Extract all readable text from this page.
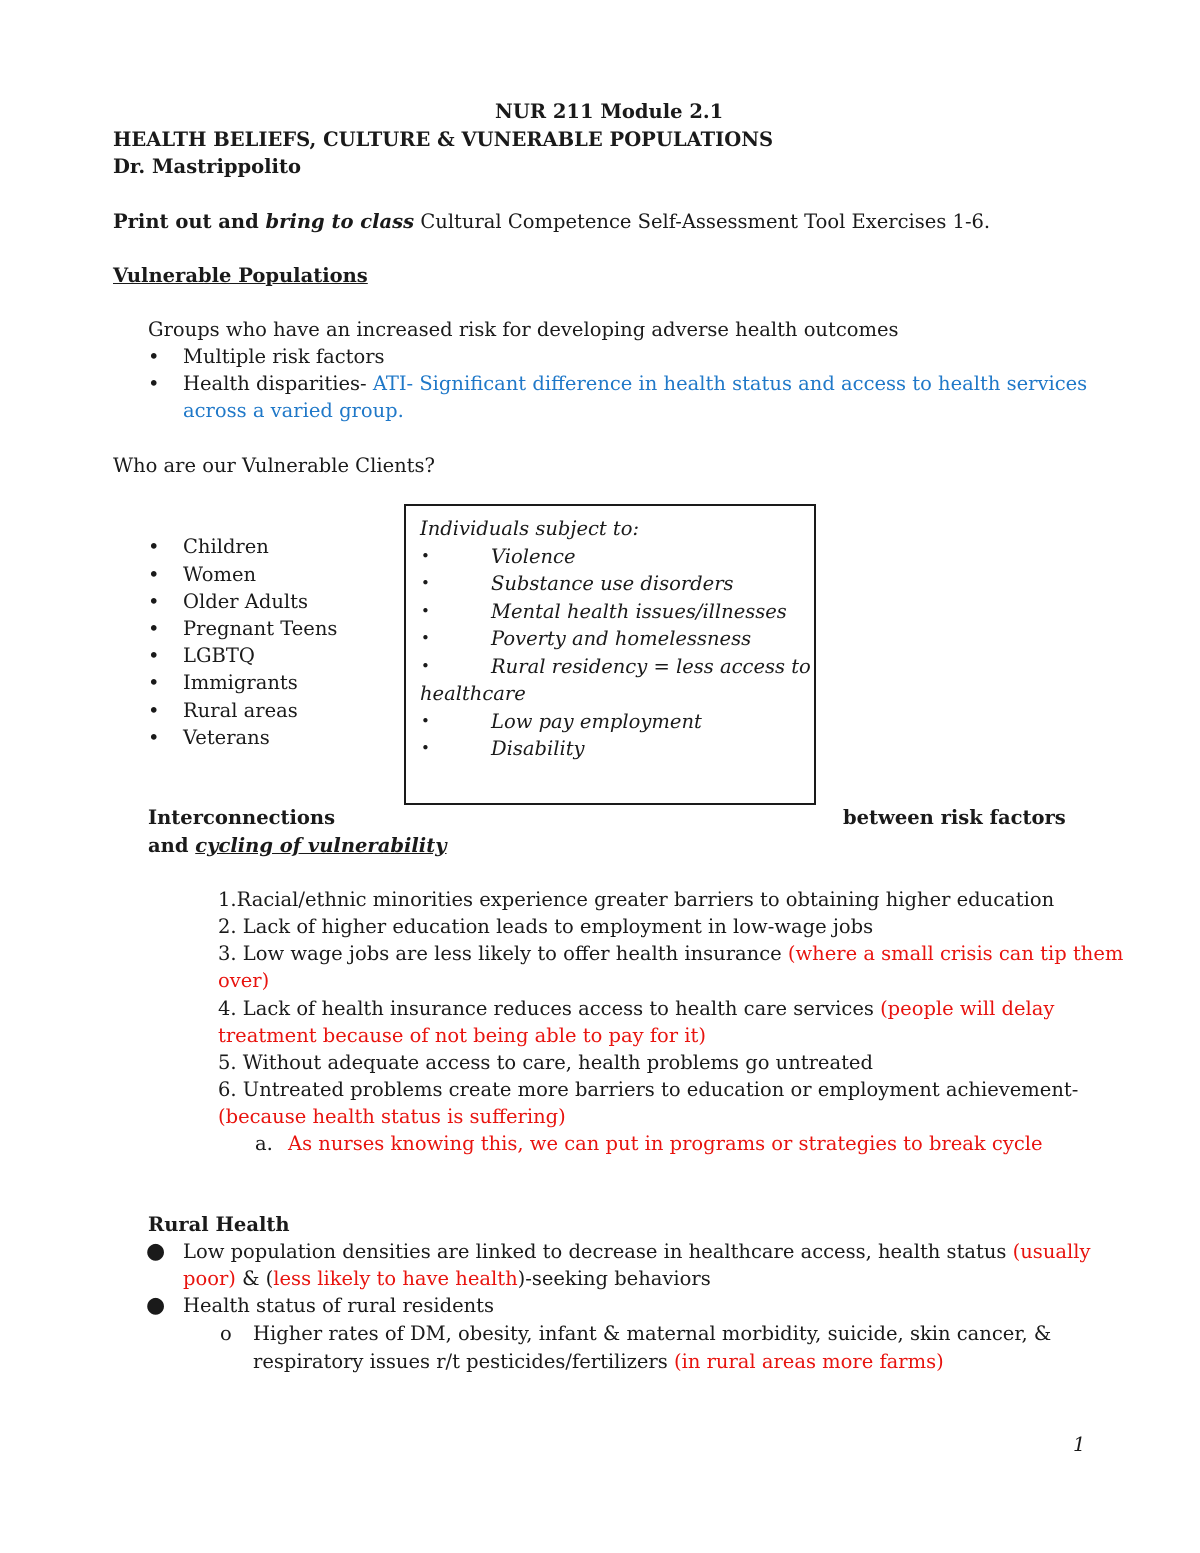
NUR 211 Module 2.1
HEALTH BELIEFS, CULTURE & VUNERABLE POPULATIONS
Dr. Mastrippolito
Print out and bring to class Cultural Competence Self-Assessment Tool Exercises 1-6.
Vulnerable Populations
Groups who have an increased risk for developing adverse health outcomes
• Multiple risk factors
• Health disparities- ATI- Significant difference in health status and access to health services
across a varied group.
Who are our Vulnerable Clients?
• Children
• Women
• Older Adults
• Pregnant Teens
• LGBTQ
• Immigrants
• Rural areas
• Veterans
Individuals subject to:
•	Violence
•	Substance use disorders
•	Mental health issues/illnesses
•	Poverty and homelessness
•	Rural residency = less access to
healthcare
•	Low pay employment
•	Disability
Interconnections	between risk factors
and cycling of vulnerability
1.Racial/ethnic minorities experience greater barriers to obtaining higher education
2. Lack of higher education leads to employment in low-wage jobs
3. Low wage jobs are less likely to offer health insurance (where a small crisis can tip them
over)
4. Lack of health insurance reduces access to health care services (people will delay
treatment because of not being able to pay for it)
5. Without adequate access to care, health problems go untreated
6. Untreated problems create more barriers to education or employment achievement-
(because health status is suffering)
a. As nurses knowing this, we can put in programs or strategies to break cycle
Rural Health
● Low population densities are linked to decrease in healthcare access, health status (usually
poor) & (less likely to have health)-seeking behaviors
● Health status of rural residents
o Higher rates of DM, obesity, infant & maternal morbidity, suicide, skin cancer, &
respiratory issues r/t pesticides/fertilizers (in rural areas more farms)
1
